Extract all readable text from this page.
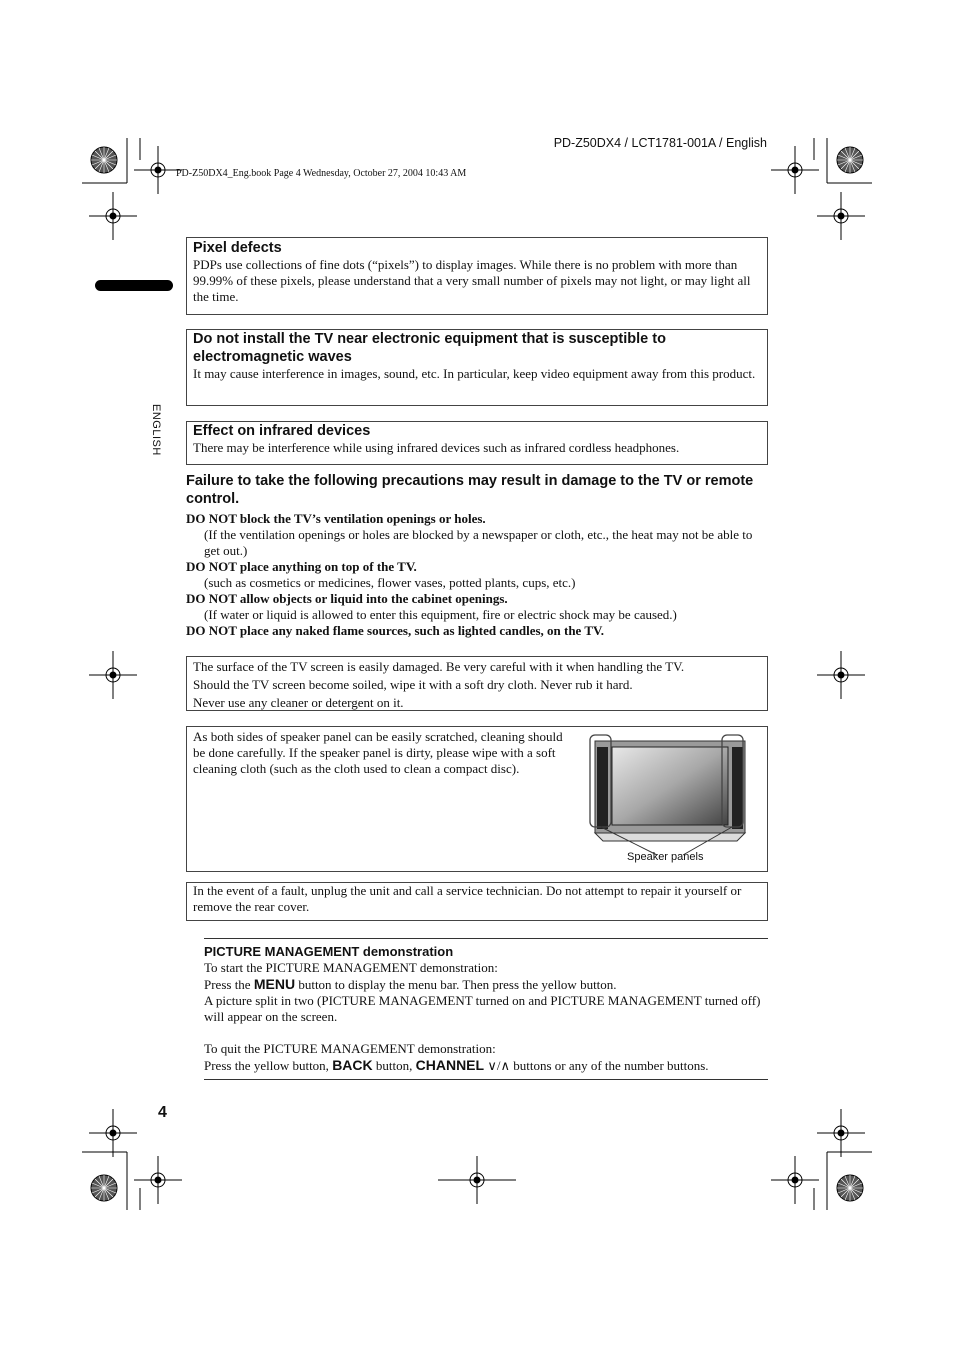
PD-Z50DX4 / LCT1781-001A / English
PD-Z50DX4_Eng.book Page 4 Wednesday, October 27, 2004 10:43 AM
ENGLISH
Pixel defects

PDPs use collections of fine dots (“pixels”) to display images. While there is no problem with more than 99.99% of these pixels, please understand that a very small number of pixels may not light, or may light all the time.

Do not install the TV near electronic equipment that is susceptible to electromagnetic waves

It may cause interference in images, sound, etc. In particular, keep video equipment away from this product.

Effect on infrared devices

There may be interference while using infrared devices such as infrared cordless headphones.

Failure to take the following precautions may result in damage to the TV or remote control.

DO NOT block the TV’s ventilation openings or holes.

(If the ventilation openings or holes are blocked by a newspaper or cloth, etc., the heat may not be able to get out.)

DO NOT place anything on top of the TV.

(such as cosmetics or medicines, flower vases, potted plants, cups, etc.)

DO NOT allow objects or liquid into the cabinet openings.

(If water or liquid is allowed to enter this equipment, fire or electric shock may be caused.)

DO NOT place any naked flame sources, such as lighted candles, on the TV.

The surface of the TV screen is easily damaged. Be very careful with it when handling the TV.

Should the TV screen become soiled, wipe it with a soft dry cloth. Never rub it hard.

Never use any cleaner or detergent on it.

As both sides of speaker panel can be easily scratched, cleaning should be done carefully. If the speaker panel is dirty, please wipe with a soft cleaning cloth (such as the cloth used to clean a compact disc).

Speaker panels

In the event of a fault, unplug the unit and call a service technician. Do not attempt to repair it yourself or remove the rear cover.

PICTURE MANAGEMENT demonstration

To start the PICTURE MANAGEMENT demonstration:

Press the MENU button to display the menu bar. Then press the yellow button.

A picture split in two (PICTURE MANAGEMENT turned on and PICTURE MANAGEMENT turned off) will appear on the screen.

To quit the PICTURE MANAGEMENT demonstration:

Press the yellow button, BACK button, CHANNEL ∨/∧ buttons or any of the number buttons.

4
